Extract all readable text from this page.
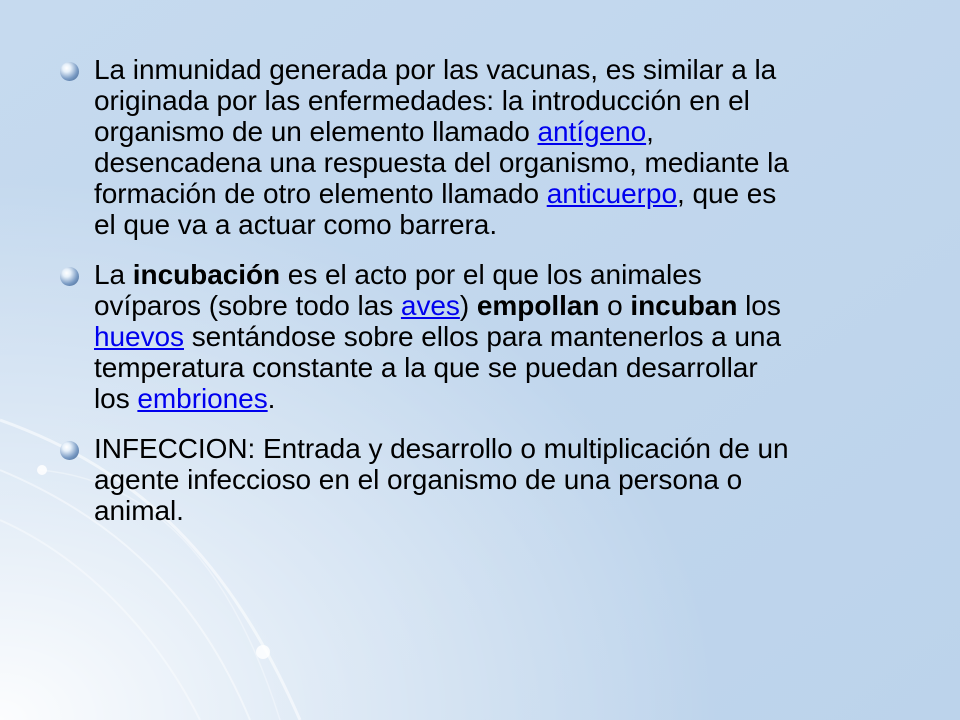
La inmunidad generada por las vacunas, es similar a la
originada por las enfermedades: la introducción en el
organismo de un elemento llamado antígeno,
desencadena una respuesta del organismo, mediante la
formación de otro elemento llamado anticuerpo, que es
el que va a actuar como barrera.
La incubación es el acto por el que los animales
ovíparos (sobre todo las aves) empollan o incuban los
huevos sentándose sobre ellos para mantenerlos a una
temperatura constante a la que se puedan desarrollar
los embriones.
INFECCION: Entrada y desarrollo o multiplicación de un
agente infeccioso en el organismo de una persona o
animal.
